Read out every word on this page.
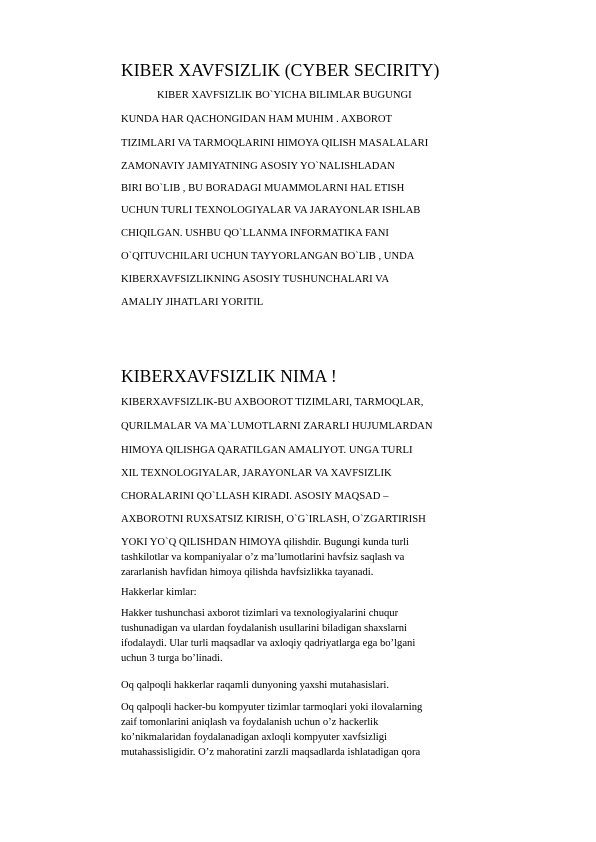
KIBER XAVFSIZLIK (CYBER SECIRITY)

KIBER XAVFSIZLIK BO`YICHA BILIMLAR BUGUNGI

KUNDA HAR QACHONGIDAN HAM MUHIM . AXBOROT

TIZIMLARI VA TARMOQLARINI HIMOYA QILISH MASALALARI

ZAMONAVIY JAMIYATNING ASOSIY YO`NALISHLADAN

BIRI BO`LIB , BU BORADAGI MUAMMOLARNI HAL ETISH

UCHUN TURLI TEXNOLOGIYALAR VA JARAYONLAR ISHLAB

CHIQILGAN. USHBU QO`LLANMA INFORMATIKA FANI

O`QITUVCHILARI UCHUN TAYYORLANGAN BO`LIB , UNDA

KIBERXAVFSIZLIKNING ASOSIY TUSHUNCHALARI VA

AMALIY JIHATLARI YORITIL

KIBERXAVFSIZLIK NIMA !

KIBERXAVFSIZLIK-BU AXBOOROT TIZIMLARI, TARMOQLAR,

QURILMALAR VA MA`LUMOTLARNI ZARARLI HUJUMLARDAN

HIMOYA QILISHGA QARATILGAN AMALIYOT. UNGA TURLI

XIL TEXNOLOGIYALAR, JARAYONLAR VA XAVFSIZLIK

CHORALARINI QO`LLASH KIRADI. ASOSIY MAQSAD –

AXBOROTNI RUXSATSIZ KIRISH, O`G`IRLASH, O`ZGARTIRISH

YOKI YO`Q QILISHDAN HIMOYA qilishdir. Bugungi kunda turli

tashkilotlar va kompaniyalar o’z ma’lumotlarini havfsiz saqlash va

zararlanish havfidan himoya qilishda havfsizlikka tayanadi.

Hakkerlar kimlar:

Hakker tushunchasi axborot tizimlari va texnologiyalarini chuqur

tushunadigan va ulardan foydalanish usullarini biladigan shaxslarni

ifodalaydi. Ular turli maqsadlar va axloqiy qadriyatlarga ega bo’lgani

uchun 3 turga bo’linadi.

Oq qalpoqli hakkerlar raqamli dunyoning yaxshi mutahasislari.

Oq qalpoqli hacker-bu kompyuter tizimlar tarmoqlari yoki ilovalarning

zaif tomonlarini aniqlash va foydalanish uchun o’z hackerlik

ko’nikmalaridan foydalanadigan axloqli kompyuter xavfsizligi

mutahassisligidir. O’z mahoratini zarzli maqsadlarda ishlatadigan qora
